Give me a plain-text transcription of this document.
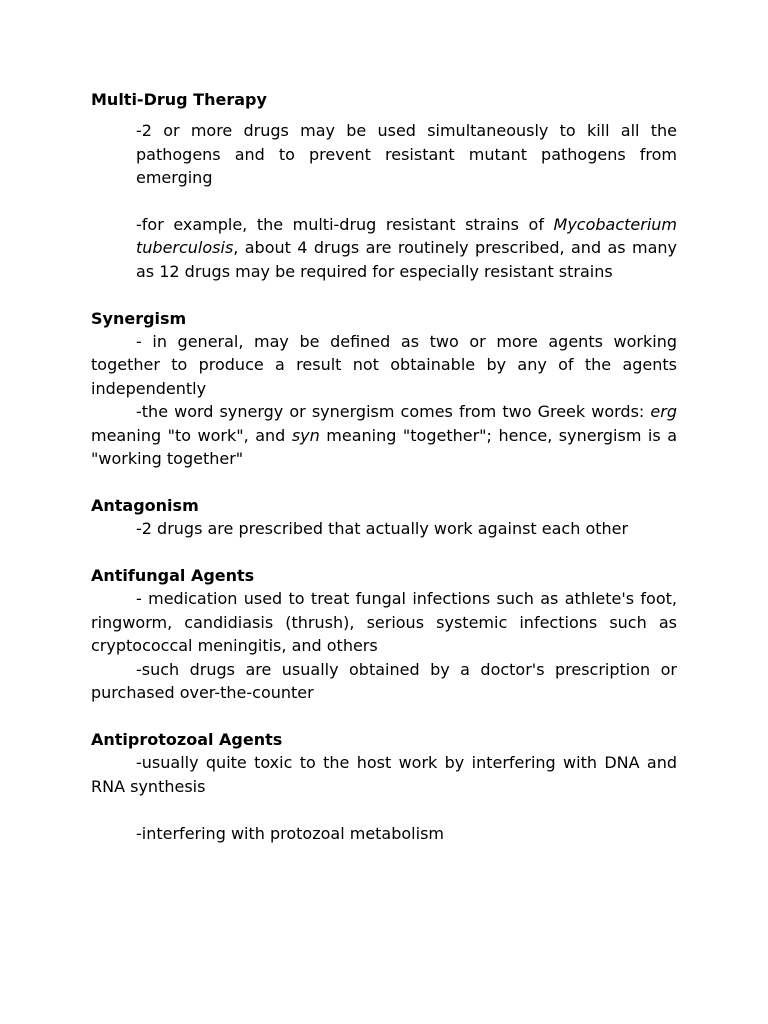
Multi-Drug Therapy

-2 or more drugs may be used simultaneously to kill all the pathogens and to prevent resistant mutant pathogens from emerging
-for example, the multi-drug resistant strains of Mycobacterium tuberculosis, about 4 drugs are routinely prescribed, and as many as 12 drugs may be required for especially resistant strains

Synergism

- in general, may be defined as two or more agents working together to produce a result not obtainable by any of the agents independently

-the word synergy or synergism comes from two Greek words: erg meaning "to work", and syn meaning "together"; hence, synergism is a "working together"

Antagonism

-2 drugs are prescribed that actually work against each other

Antifungal Agents

- medication used to treat fungal infections such as athlete's foot, ringworm, candidiasis (thrush), serious systemic infections such as cryptococcal meningitis, and others

-such drugs are usually obtained by a doctor's prescription or purchased over-the-counter

Antiprotozoal Agents

-usually quite toxic to the host work by interfering with DNA and RNA synthesis

-interfering with protozoal metabolism
